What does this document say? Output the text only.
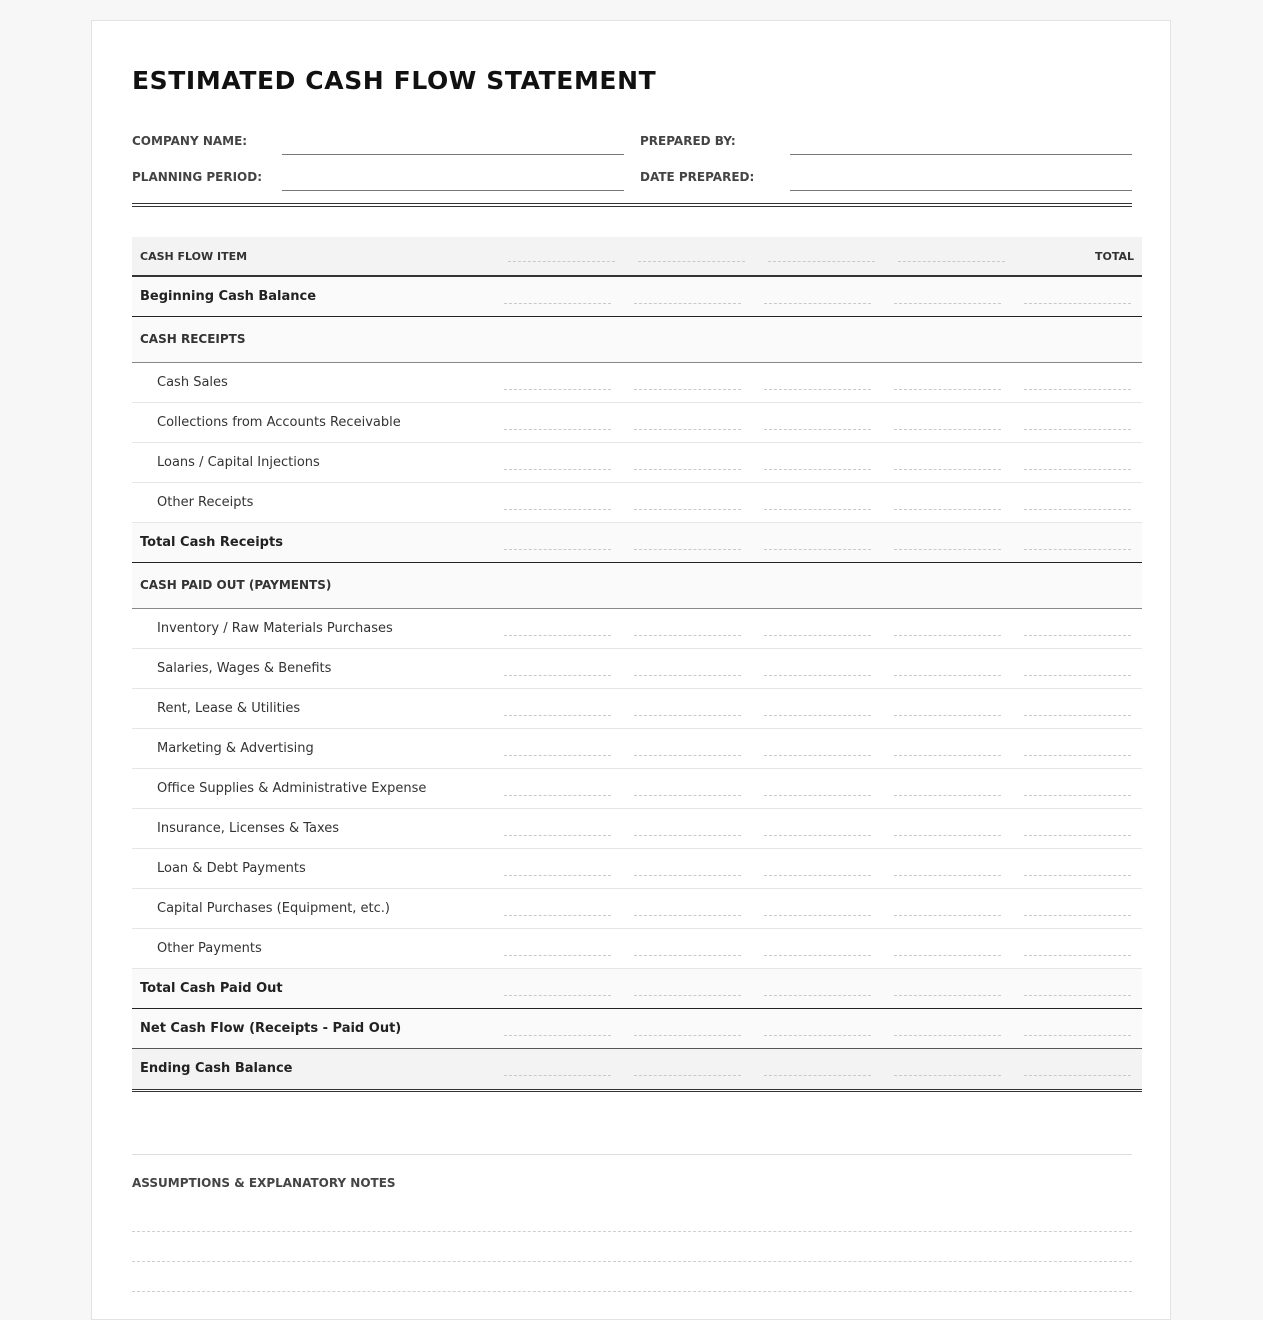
ESTIMATED CASH FLOW STATEMENT
COMPANY NAME:	PREPARED BY:
PLANNING PERIOD:	DATE PREPARED:
CASH FLOW ITEM					TOTAL
Beginning Cash Balance	

CASH RECEIPTS					
Cash Sales	

Collections from Accounts Receivable	

Loans / Capital Injections	

Other Receipts	

Total Cash Receipts	

CASH PAID OUT (PAYMENTS)					
Inventory / Raw Materials Purchases	

Salaries, Wages & Benefits	

Rent, Lease & Utilities	

Marketing & Advertising	

Office Supplies & Administrative Expense	

Insurance, Licenses & Taxes	

Loan & Debt Payments	

Capital Purchases (Equipment, etc.)	

Other Payments	

Total Cash Paid Out	

Net Cash Flow (Receipts - Paid Out)	

Ending Cash Balance	

ASSUMPTIONS & EXPLANATORY NOTES
